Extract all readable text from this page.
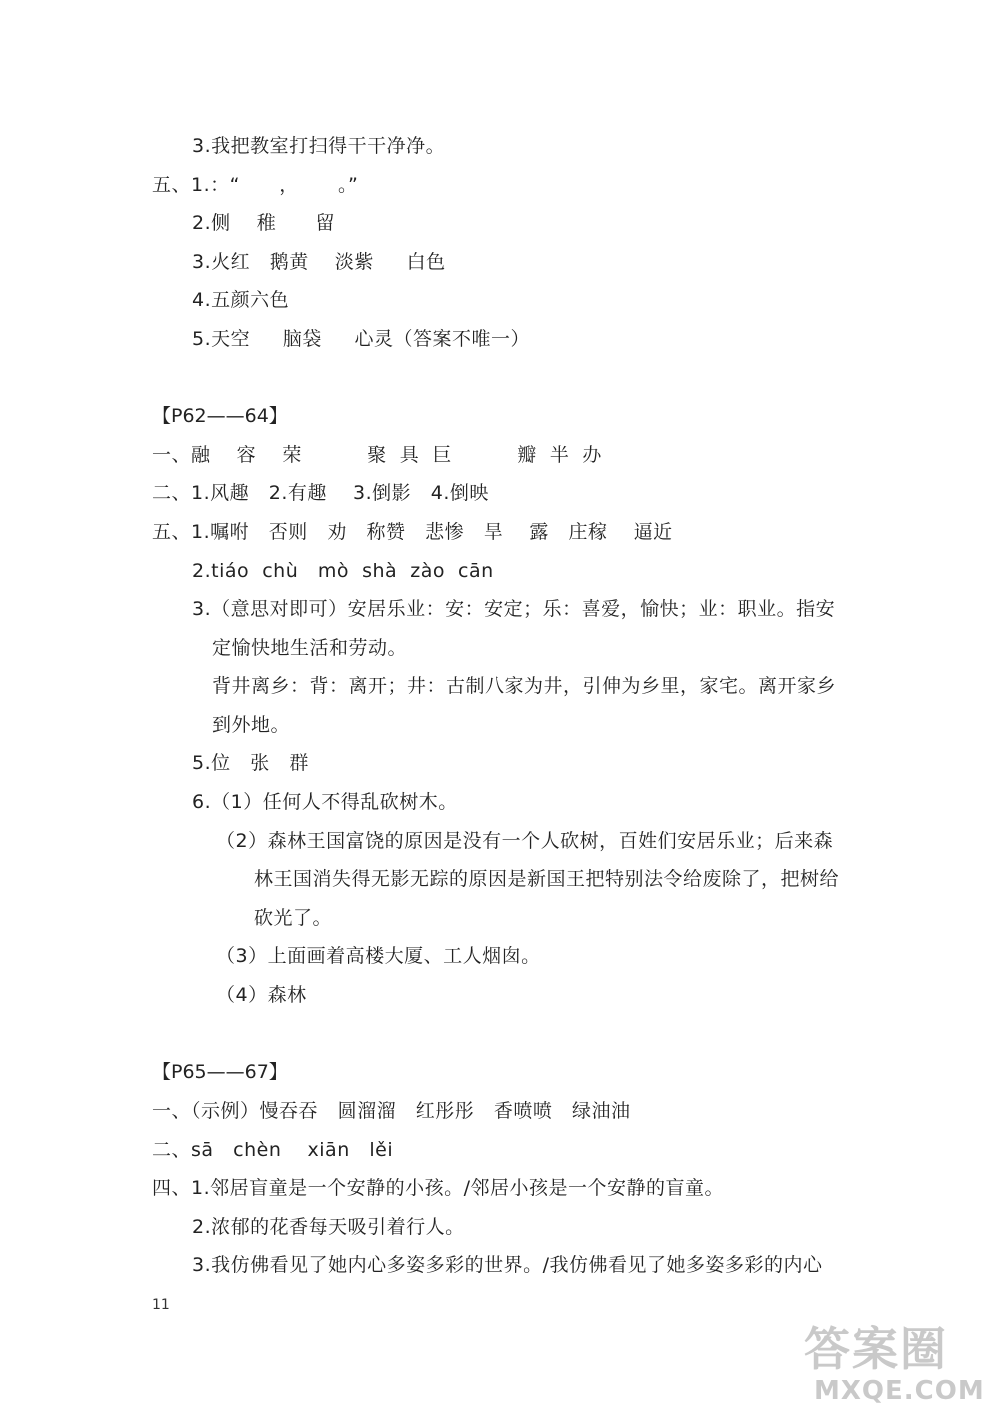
3.我把教室打扫得干干净净。
五、1.：“      ，      。”
2.侧    稚      留
3.火红   鹅黄    淡紫     白色
4.五颜六色
5.天空     脑袋     心灵（答案不唯一）
【P62——64】
一、融    容    荣          聚  具  巨          瓣  半  办
二、1.风趣   2.有趣    3.倒影   4.倒映
五、1.嘱咐   否则   劝   称赞   悲惨   旱    露   庄稼    逼近
2.tiáo  chù   mò  shà  zào  cān
3.（意思对即可）安居乐业：安：安定；乐：喜爱，愉快；业：职业。指安
定愉快地生活和劳动。
背井离乡：背：离开；井：古制八家为井，引伸为乡里，家宅。离开家乡
到外地。
5.位   张   群
6.（1）任何人不得乱砍树木。
（2）森林王国富饶的原因是没有一个人砍树，百姓们安居乐业；后来森
林王国消失得无影无踪的原因是新国王把特别法令给废除了，把树给
砍光了。
（3）上面画着高楼大厦、工人烟囱。
（4）森林
【P65——67】
一、（示例）慢吞吞   圆溜溜   红彤彤   香喷喷   绿油油
二、sā   chèn    xiān   lěi
四、1.邻居盲童是一个安静的小孩。/邻居小孩是一个安静的盲童。
2.浓郁的花香每天吸引着行人。
3.我仿佛看见了她内心多姿多彩的世界。/我仿佛看见了她多姿多彩的内心
11
答案圈
MXQE.COM
